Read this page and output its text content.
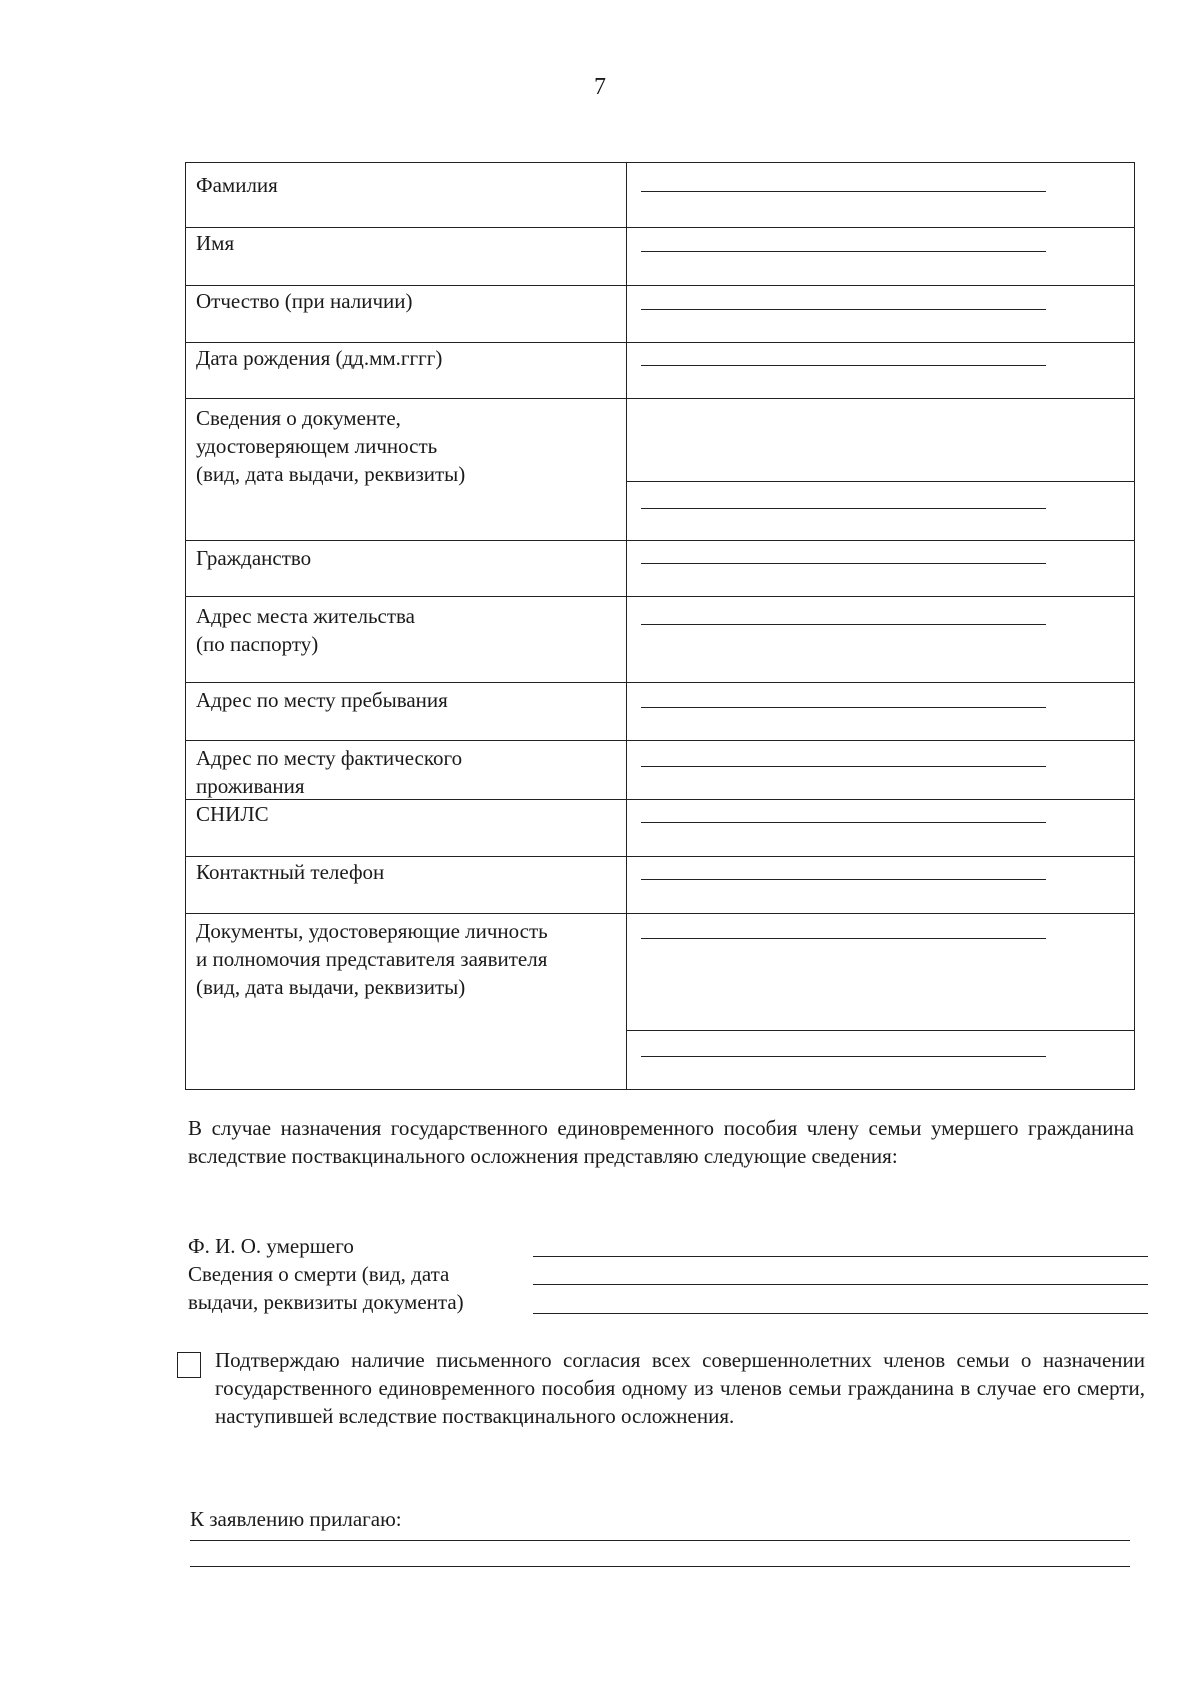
7
Фамилия
Имя
Отчество (при наличии)
Дата рождения (дд.мм.гггг)
Сведения о документе,
удостоверяющем личность
(вид, дата выдачи, реквизиты)
Гражданство
Адрес места жительства
(по паспорту)
Адрес по месту пребывания
Адрес по месту фактического
проживания
СНИЛС
Контактный телефон
Документы, удостоверяющие личность
и полномочия представителя заявителя
(вид, дата выдачи, реквизиты)
В случае назначения государственного единовременного пособия члену семьи умершего гражданина вследствие поствакцинального осложнения представляю следующие сведения:
Ф. И. О. умершего
Сведения о смерти (вид, дата
выдачи, реквизиты документа)
Подтверждаю наличие письменного согласия всех совершеннолетних членов семьи о назначении государственного единовременного пособия одному из членов семьи гражданина в случае его смерти, наступившей вследствие поствакцинального осложнения.
К заявлению прилагаю:
